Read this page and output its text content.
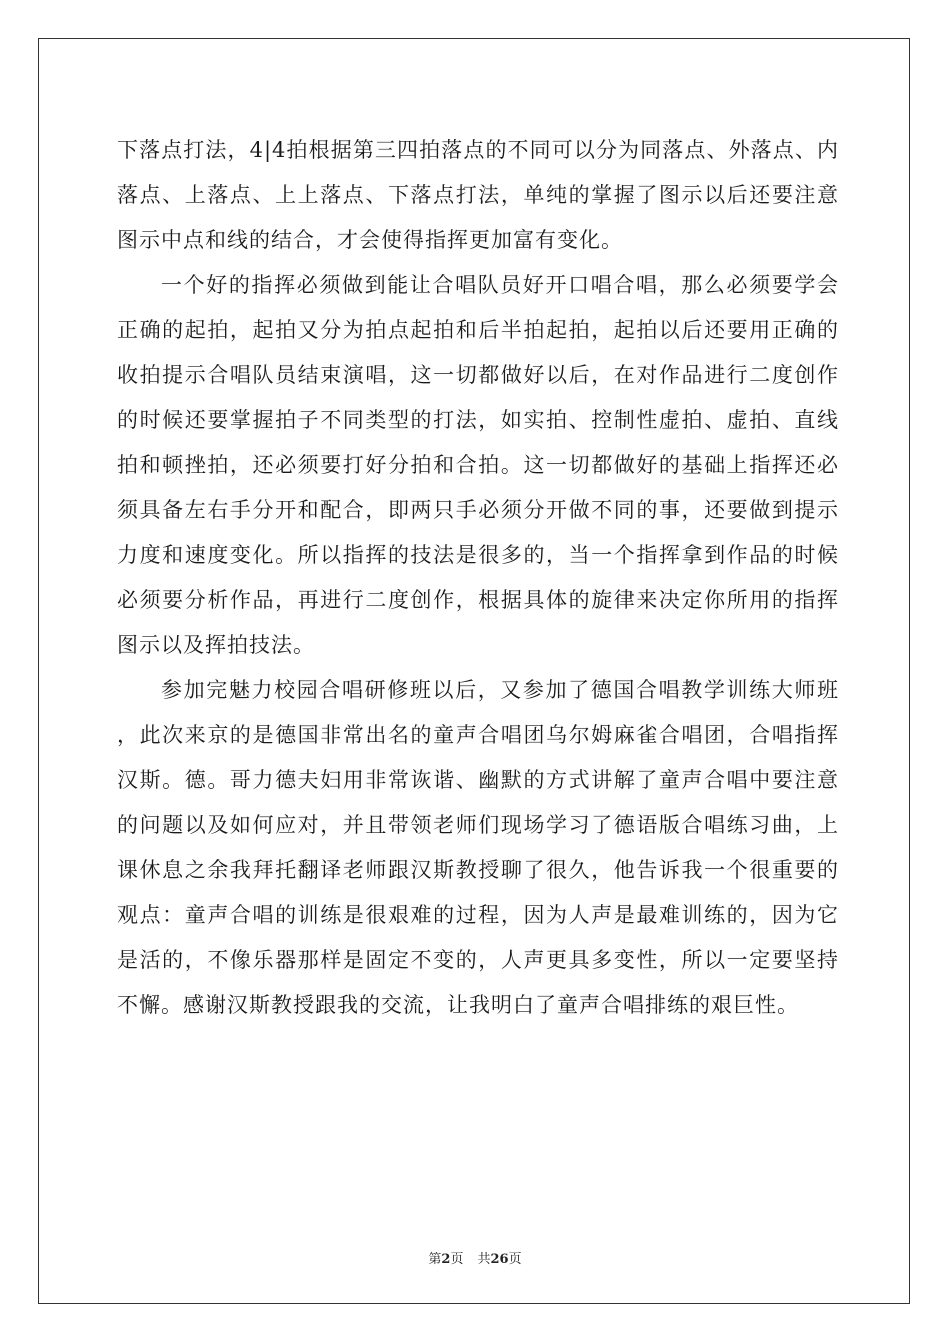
下落点打法，4|4拍根据第三四拍落点的不同可以分为同落点、外落点、内落点、上落点、上上落点、下落点打法，单纯的掌握了图示以后还要注意图示中点和线的结合，才会使得指挥更加富有变化。

一个好的指挥必须做到能让合唱队员好开口唱合唱，那么必须要学会正确的起拍，起拍又分为拍点起拍和后半拍起拍，起拍以后还要用正确的收拍提示合唱队员结束演唱，这一切都做好以后，在对作品进行二度创作的时候还要掌握拍子不同类型的打法，如实拍、控制性虚拍、虚拍、直线拍和顿挫拍，还必须要打好分拍和合拍。这一切都做好的基础上指挥还必须具备左右手分开和配合，即两只手必须分开做不同的事，还要做到提示力度和速度变化。所以指挥的技法是很多的，当一个指挥拿到作品的时候必须要分析作品，再进行二度创作，根据具体的旋律来决定你所用的指挥图示以及挥拍技法。

参加完魅力校园合唱研修班以后，又参加了德国合唱教学训练大师班，此次来京的是德国非常出名的童声合唱团乌尔姆麻雀合唱团，合唱指挥汉斯。德。哥力德夫妇用非常诙谐、幽默的方式讲解了童声合唱中要注意的问题以及如何应对，并且带领老师们现场学习了德语版合唱练习曲，上课休息之余我拜托翻译老师跟汉斯教授聊了很久，他告诉我一个很重要的观点：童声合唱的训练是很艰难的过程，因为人声是最难训练的，因为它是活的，不像乐器那样是固定不变的，人声更具多变性，所以一定要坚持不懈。感谢汉斯教授跟我的交流，让我明白了童声合唱排练的艰巨性。

第2页 共26页
